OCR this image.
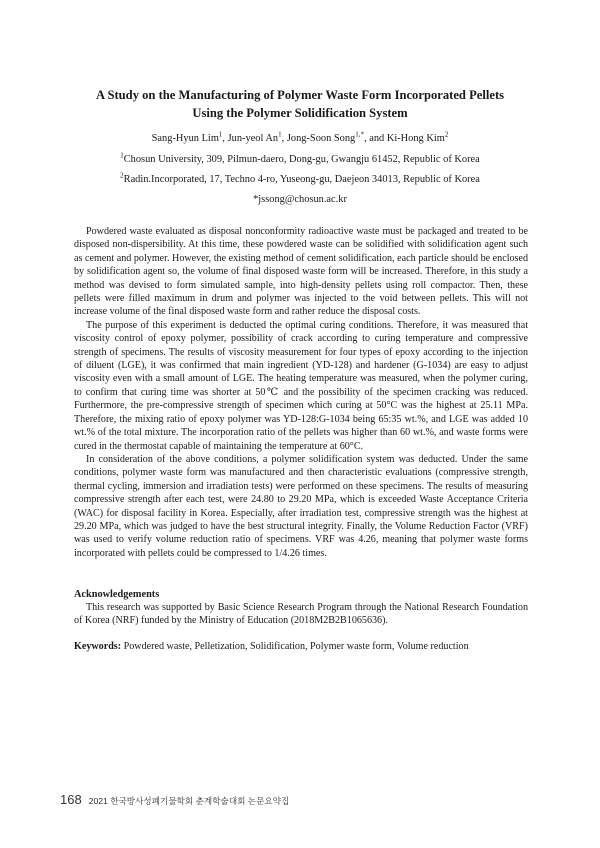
A Study on the Manufacturing of Polymer Waste Form Incorporated Pellets
Using the Polymer Solidification System
Sang-Hyun Lim$^1$, Jun-yeol An$^1$, Jong-Soon Song$^{1,*}$, and Ki-Hong Kim$^2$
$^1$Chosun University, 309, Pilmun-daero, Dong-gu, Gwangju 61452, Republic of Korea
$^2$Radin.Incorporated, 17, Techno 4-ro, Yuseong-gu, Daejeon 34013, Republic of Korea
*jssong@chosun.ac.kr

Powdered waste evaluated as disposal nonconformity radioactive waste must be packaged and treated to be disposed non-dispersibility. At this time, these powdered waste can be solidified with solidification agent such as cement and polymer. However, the existing method of cement solidification, each particle should be enclosed by solidification agent so, the volume of final disposed waste form will be increased. Therefore, in this study a method was devised to form simulated sample, into high-density pellets using roll compactor. Then, these pellets were filled maximum in drum and polymer was injected to the void between pellets. This will not increase volume of the final disposed waste form and rather reduce the disposal costs.

The purpose of this experiment is deducted the optimal curing conditions. Therefore, it was measured that viscosity control of epoxy polymer, possibility of crack according to curing temperature and compressive strength of specimens. The results of viscosity measurement for four types of epoxy according to the injection of diluent (LGE), it was confirmed that main ingredient (YD-128) and hardener (G-1034) are easy to adjust viscosity even with a small amount of LGE. The heating temperature was measured, when the polymer curing, to confirm that curing time was shorter at 50℃ and the possibility of the specimen cracking was reduced. Furthermore, the pre-compressive strength of specimen which curing at 50°C was the highest at 25.11 MPa. Therefore, the mixing ratio of epoxy polymer was YD-128:G-1034 being 65:35 wt.%, and LGE was added 10 wt.% of the total mixture. The incorporation ratio of the pellets was higher than 60 wt.%, and waste forms were cured in the thermostat capable of maintaining the temperature at 60°C.

In consideration of the above conditions, a polymer solidification system was deducted. Under the same conditions, polymer waste form was manufactured and then characteristic evaluations (compressive strength, thermal cycling, immersion and irradiation tests) were performed on these specimens. The results of measuring compressive strength after each test, were 24.80 to 29.20 MPa, which is exceeded Waste Acceptance Criteria (WAC) for disposal facility in Korea. Especially, after irradiation test, compressive strength was the highest at 29.20 MPa, which was judged to have the best structural integrity. Finally, the Volume Reduction Factor (VRF) was used to verify volume reduction ratio of specimens. VRF was 4.26, meaning that polymer waste forms incorporated with pellets could be compressed to 1/4.26 times.

Acknowledgements
This research was supported by Basic Science Research Program through the National Research Foundation of Korea (NRF) funded by the Ministry of Education (2018M2B2B1065636).
Keywords: Powdered waste, Pelletization, Solidification, Polymer waste form, Volume reduction
168 2021 한국방사성폐기물학회 춘계학술대회 논문요약집
